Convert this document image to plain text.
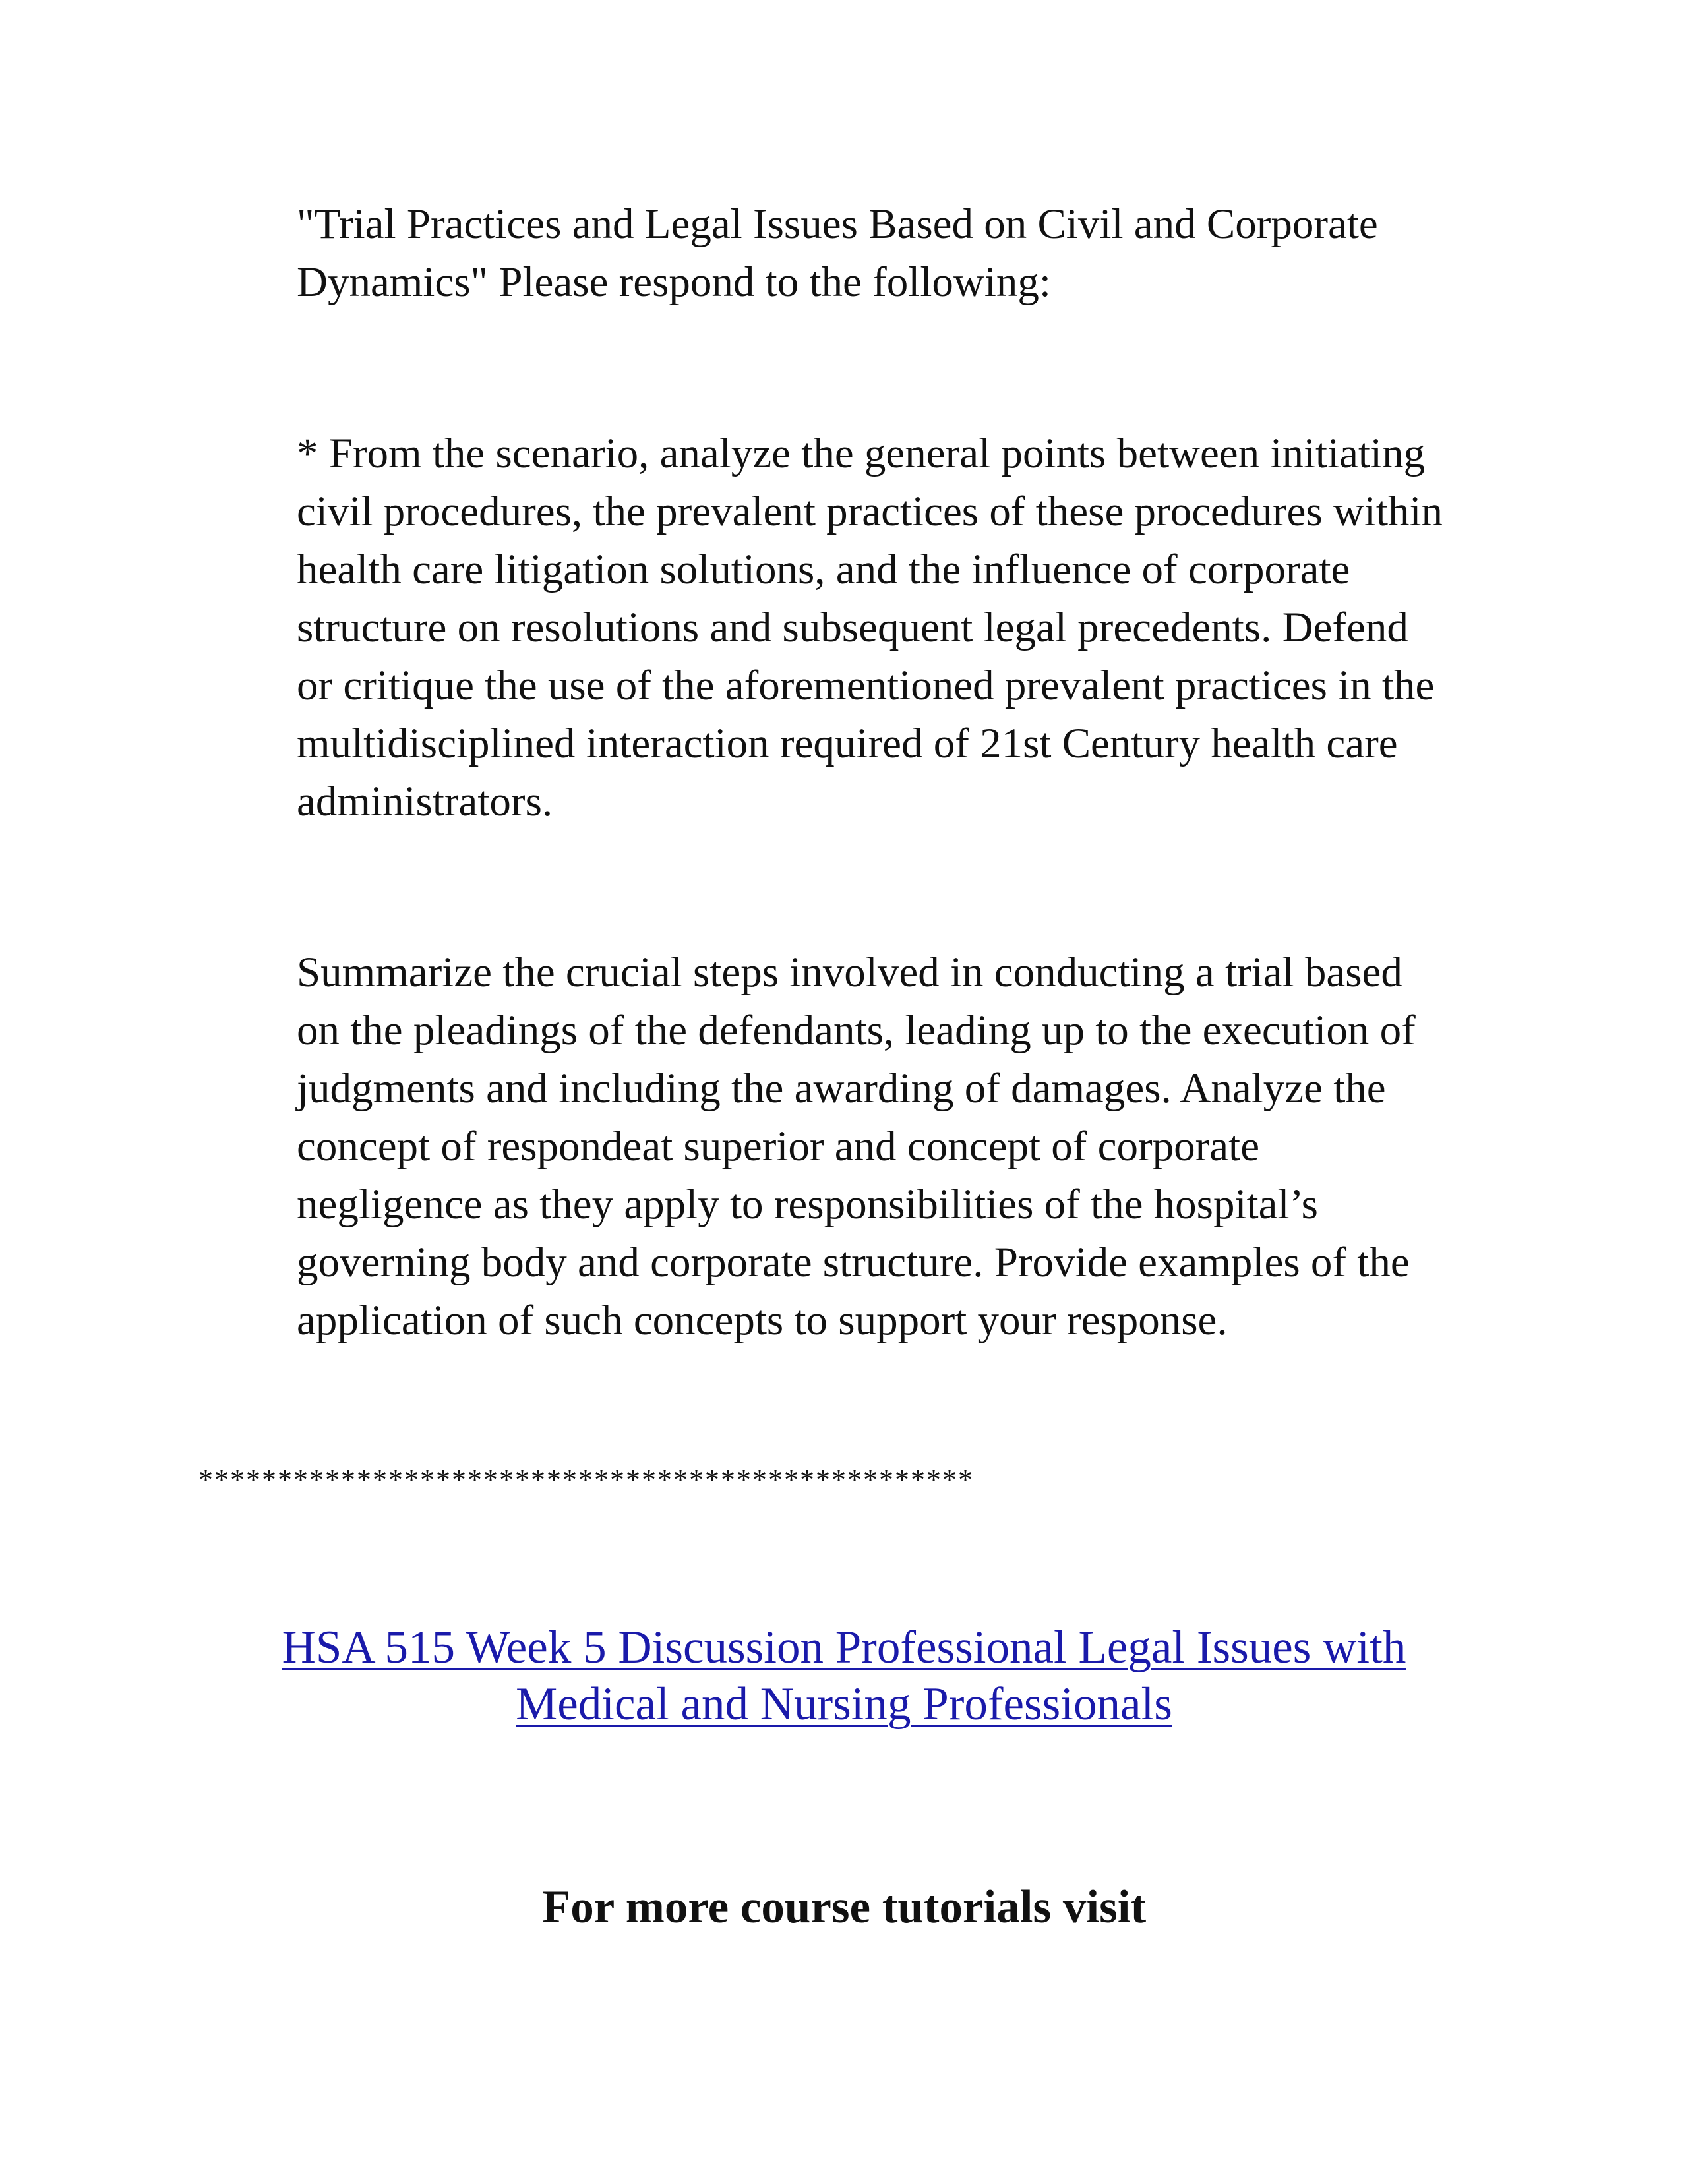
"Trial Practices and Legal Issues Based on Civil and Corporate
Dynamics" Please respond to the following:

* From the scenario, analyze the general points between initiating
civil procedures, the prevalent practices of these procedures within
health care litigation solutions, and the influence of corporate
structure on resolutions and subsequent legal precedents. Defend
or critique the use of the aforementioned prevalent practices in the
multidisciplined interaction required of 21st Century health care
administrators.

Summarize the crucial steps involved in conducting a trial based
on the pleadings of the defendants, leading up to the execution of
judgments and including the awarding of damages. Analyze the
concept of respondeat superior and concept of corporate
negligence as they apply to responsibilities of the hospital’s
governing body and corporate structure. Provide examples of the
application of such concepts to support your response.

*************************************************

HSA 515 Week 5 Discussion Professional Legal Issues with
Medical and Nursing Professionals

For more course tutorials visit
